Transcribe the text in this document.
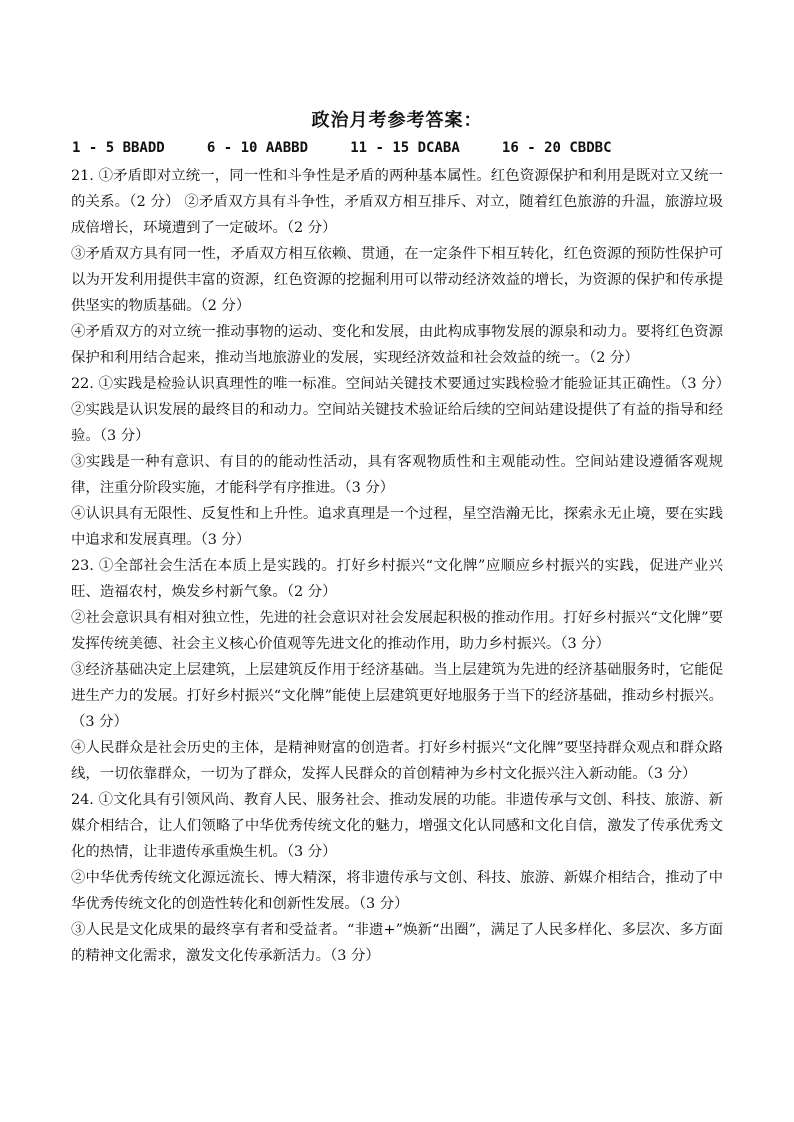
政治月考参考答案：
1 - 5 BBADD	6 - 10 AABBD	11 - 15 DCABA	16 - 20 CBDBC

21. ①矛盾即对立统一，同一性和斗争性是矛盾的两种基本属性。红色资源保护和利用是既对立又统一的关系。（2 分） ②矛盾双方具有斗争性，矛盾双方相互排斥、对立，随着红色旅游的升温，旅游垃圾成倍增长，环境遭到了一定破坏。（2 分）

③矛盾双方具有同一性，矛盾双方相互依赖、贯通，在一定条件下相互转化，红色资源的预防性保护可以为开发利用提供丰富的资源，红色资源的挖掘利用可以带动经济效益的增长，为资源的保护和传承提供坚实的物质基础。（2 分）

④矛盾双方的对立统一推动事物的运动、变化和发展，由此构成事物发展的源泉和动力。要将红色资源保护和利用结合起来，推动当地旅游业的发展，实现经济效益和社会效益的统一。（2 分）

22. ①实践是检验认识真理性的唯一标准。空间站关键技术要通过实践检验才能验证其正确性。（3 分）②实践是认识发展的最终目的和动力。空间站关键技术验证给后续的空间站建设提供了有益的指导和经验。（3 分）

③实践是一种有意识、有目的的能动性活动，具有客观物质性和主观能动性。空间站建设遵循客观规律，注重分阶段实施，才能科学有序推进。（3 分）

④认识具有无限性、反复性和上升性。追求真理是一个过程，星空浩瀚无比，探索永无止境，要在实践中追求和发展真理。（3 分）

23. ①全部社会生活在本质上是实践的。打好乡村振兴“文化牌”应顺应乡村振兴的实践，促进产业兴旺、造福农村，焕发乡村新气象。（2 分）

②社会意识具有相对独立性，先进的社会意识对社会发展起积极的推动作用。打好乡村振兴“文化牌”要发挥传统美德、社会主义核心价值观等先进文化的推动作用，助力乡村振兴。（3 分）

③经济基础决定上层建筑，上层建筑反作用于经济基础。当上层建筑为先进的经济基础服务时，它能促进生产力的发展。打好乡村振兴“文化牌”能使上层建筑更好地服务于当下的经济基础，推动乡村振兴。（3 分）

④人民群众是社会历史的主体，是精神财富的创造者。打好乡村振兴“文化牌”要坚持群众观点和群众路线，一切依靠群众，一切为了群众，发挥人民群众的首创精神为乡村文化振兴注入新动能。（3 分）

24. ①文化具有引领风尚、教育人民、服务社会、推动发展的功能。非遗传承与文创、科技、旅游、新媒介相结合，让人们领略了中华优秀传统文化的魅力，增强文化认同感和文化自信，激发了传承优秀文化的热情，让非遗传承重焕生机。（3 分）

②中华优秀传统文化源远流长、博大精深，将非遗传承与文创、科技、旅游、新媒介相结合，推动了中华优秀传统文化的创造性转化和创新性发展。（3 分）

③人民是文化成果的最终享有者和受益者。“非遗+”焕新“出圈”，满足了人民多样化、多层次、多方面的精神文化需求，激发文化传承新活力。（3 分）
